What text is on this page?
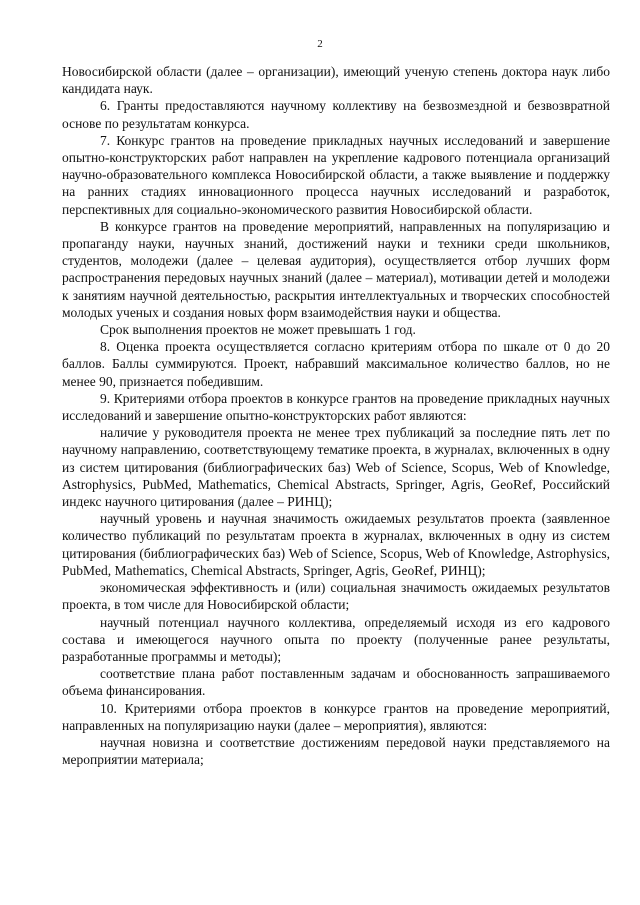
2

Новосибирской области (далее – организации), имеющий ученую степень доктора наук либо кандидата наук.

6. Гранты предоставляются научному коллективу на безвозмездной и безвозвратной основе по результатам конкурса.

7. Конкурс грантов на проведение прикладных научных исследований и завершение опытно-конструкторских работ направлен на укрепление кадрового потенциала организаций научно-образовательного комплекса Новосибирской области, а также выявление и поддержку на ранних стадиях инновационного процесса научных исследований и разработок, перспективных для социально-экономического развития Новосибирской области.

В конкурсе грантов на проведение мероприятий, направленных на популяризацию и пропаганду науки, научных знаний, достижений науки и техники среди школьников, студентов, молодежи (далее – целевая аудитория), осуществляется отбор лучших форм распространения передовых научных знаний (далее – материал), мотивации детей и молодежи к занятиям научной деятельностью, раскрытия интеллектуальных и творческих способностей молодых ученых и создания новых форм взаимодействия науки и общества.

Срок выполнения проектов не может превышать 1 год.

8. Оценка проекта осуществляется согласно критериям отбора по шкале от 0 до 20 баллов. Баллы суммируются. Проект, набравший максимальное количество баллов, но не менее 90, признается победившим.

9. Критериями отбора проектов в конкурсе грантов на проведение прикладных научных исследований и завершение опытно-конструкторских работ являются:

наличие у руководителя проекта не менее трех публикаций за последние пять лет по научному направлению, соответствующему тематике проекта, в журналах, включенных в одну из систем цитирования (библиографических баз) Web of Science, Scopus, Web of Knowledge, Astrophysics, PubMed, Mathematics, Chemical Abstracts, Springer, Agris, GeoRef, Российский индекс научного цитирования (далее – РИНЦ);

научный уровень и научная значимость ожидаемых результатов проекта (заявленное количество публикаций по результатам проекта в журналах, включенных в одну из систем цитирования (библиографических баз) Web of Science, Scopus, Web of Knowledge, Astrophysics, PubMed, Mathematics, Chemical Abstracts, Springer, Agris, GeoRef, РИНЦ);

экономическая эффективность и (или) социальная значимость ожидаемых результатов проекта, в том числе для Новосибирской области;

научный потенциал научного коллектива, определяемый исходя из его кадрового состава и имеющегося научного опыта по проекту (полученные ранее результаты, разработанные программы и методы);

соответствие плана работ поставленным задачам и обоснованность запрашиваемого объема финансирования.

10. Критериями отбора проектов в конкурсе грантов на проведение мероприятий, направленных на популяризацию науки (далее – мероприятия), являются:

научная новизна и соответствие достижениям передовой науки представляемого на мероприятии материала;
